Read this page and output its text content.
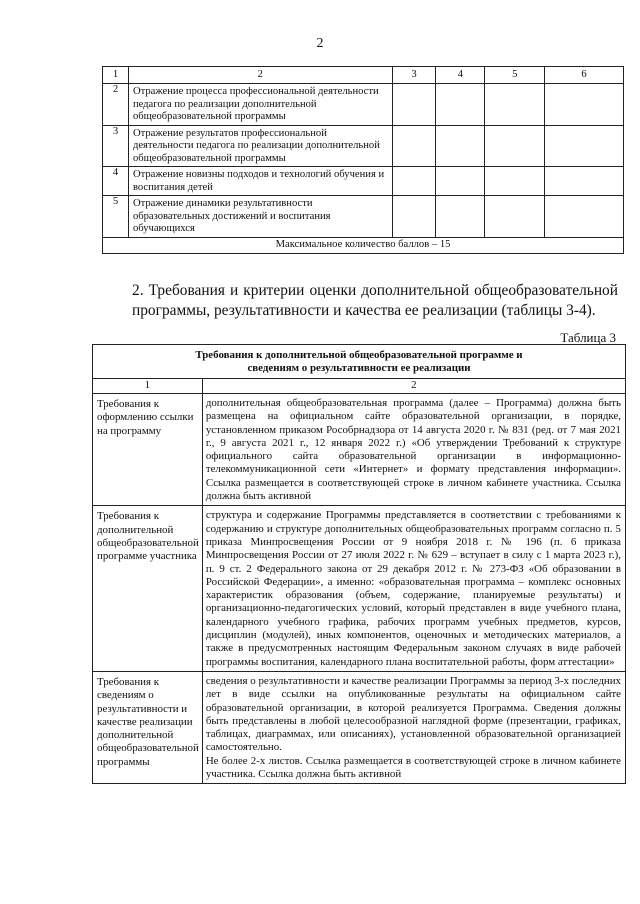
2
1	2	3	4	5	6
2	Отражение процесса профессиональной деятельности педагога по реализации дополнительной общеобразовательной программы				
3	Отражение результатов профессиональной деятельности педагога по реализации дополнительной общеобразовательной программы				
4	Отражение новизны подходов и технологий обучения и воспитания детей				
5	Отражение динамики результативности образовательных достижений и воспитания обучающихся				
Максимальное количество баллов – 15					
2. Требования и критерии оценки дополнительной общеобразовательной программы, результативности и качества ее реализации (таблицы 3-4).
Таблица 3
Требования к дополнительной общеобразовательной программе и
сведениям о результативности ее реализации	
1	2
Требования к оформлению ссылки на программу	дополнительная общеобразовательная программа (далее – Программа) должна быть размещена на официальном сайте образовательной организации, в порядке, установленном приказом Рособрнадзора от 14 августа 2020 г. № 831 (ред. от 7 мая 2021 г., 9 августа 2021 г., 12 января 2022 г.) «Об утверждении Требований к структуре официального сайта образовательной организации в информационно-телекоммуникационной сети «Интернет» и формату представления информации». Ссылка размещается в соответствующей строке в личном кабинете участника. Ссылка должна быть активной
Требования к дополнительной общеобразовательной программе участника	структура и содержание Программы представляется в соответствии с требованиями к содержанию и структуре дополнительных общеобразовательных программ согласно п. 5 приказа Минпросвещения России от 9 ноября 2018 г. № 196 (п. 6 приказа Минпросвещения России от 27 июля 2022 г. № 629 – вступает в силу с 1 марта 2023 г.), п. 9 ст. 2 Федерального закона от 29 декабря 2012 г. № 273-ФЗ «Об образовании в Российской Федерации», а именно: «образовательная программа – комплекс основных характеристик образования (объем, содержание, планируемые результаты) и организационно-педагогических условий, который представлен в виде учебного плана, календарного учебного графика, рабочих программ учебных предметов, курсов, дисциплин (модулей), иных компонентов, оценочных и методических материалов, а также в предусмотренных настоящим Федеральным законом случаях в виде рабочей программы воспитания, календарного плана воспитательной работы, форм аттестации»
Требования к сведениям о результативности и качестве реализации дополнительной общеобразовательной программы	сведения о результативности и качестве реализации Программы за период 3-х последних лет в виде ссылки на опубликованные результаты на официальном сайте образовательной организации, в которой реализуется Программа. Сведения должны быть представлены в любой целесообразной наглядной форме (презентации, графиках, таблицах, диаграммах, или описаниях), установленной образовательной организацией самостоятельно.
Не более 2-х листов. Ссылка размещается в соответствующей строке в личном кабинете участника. Ссылка должна быть активной
